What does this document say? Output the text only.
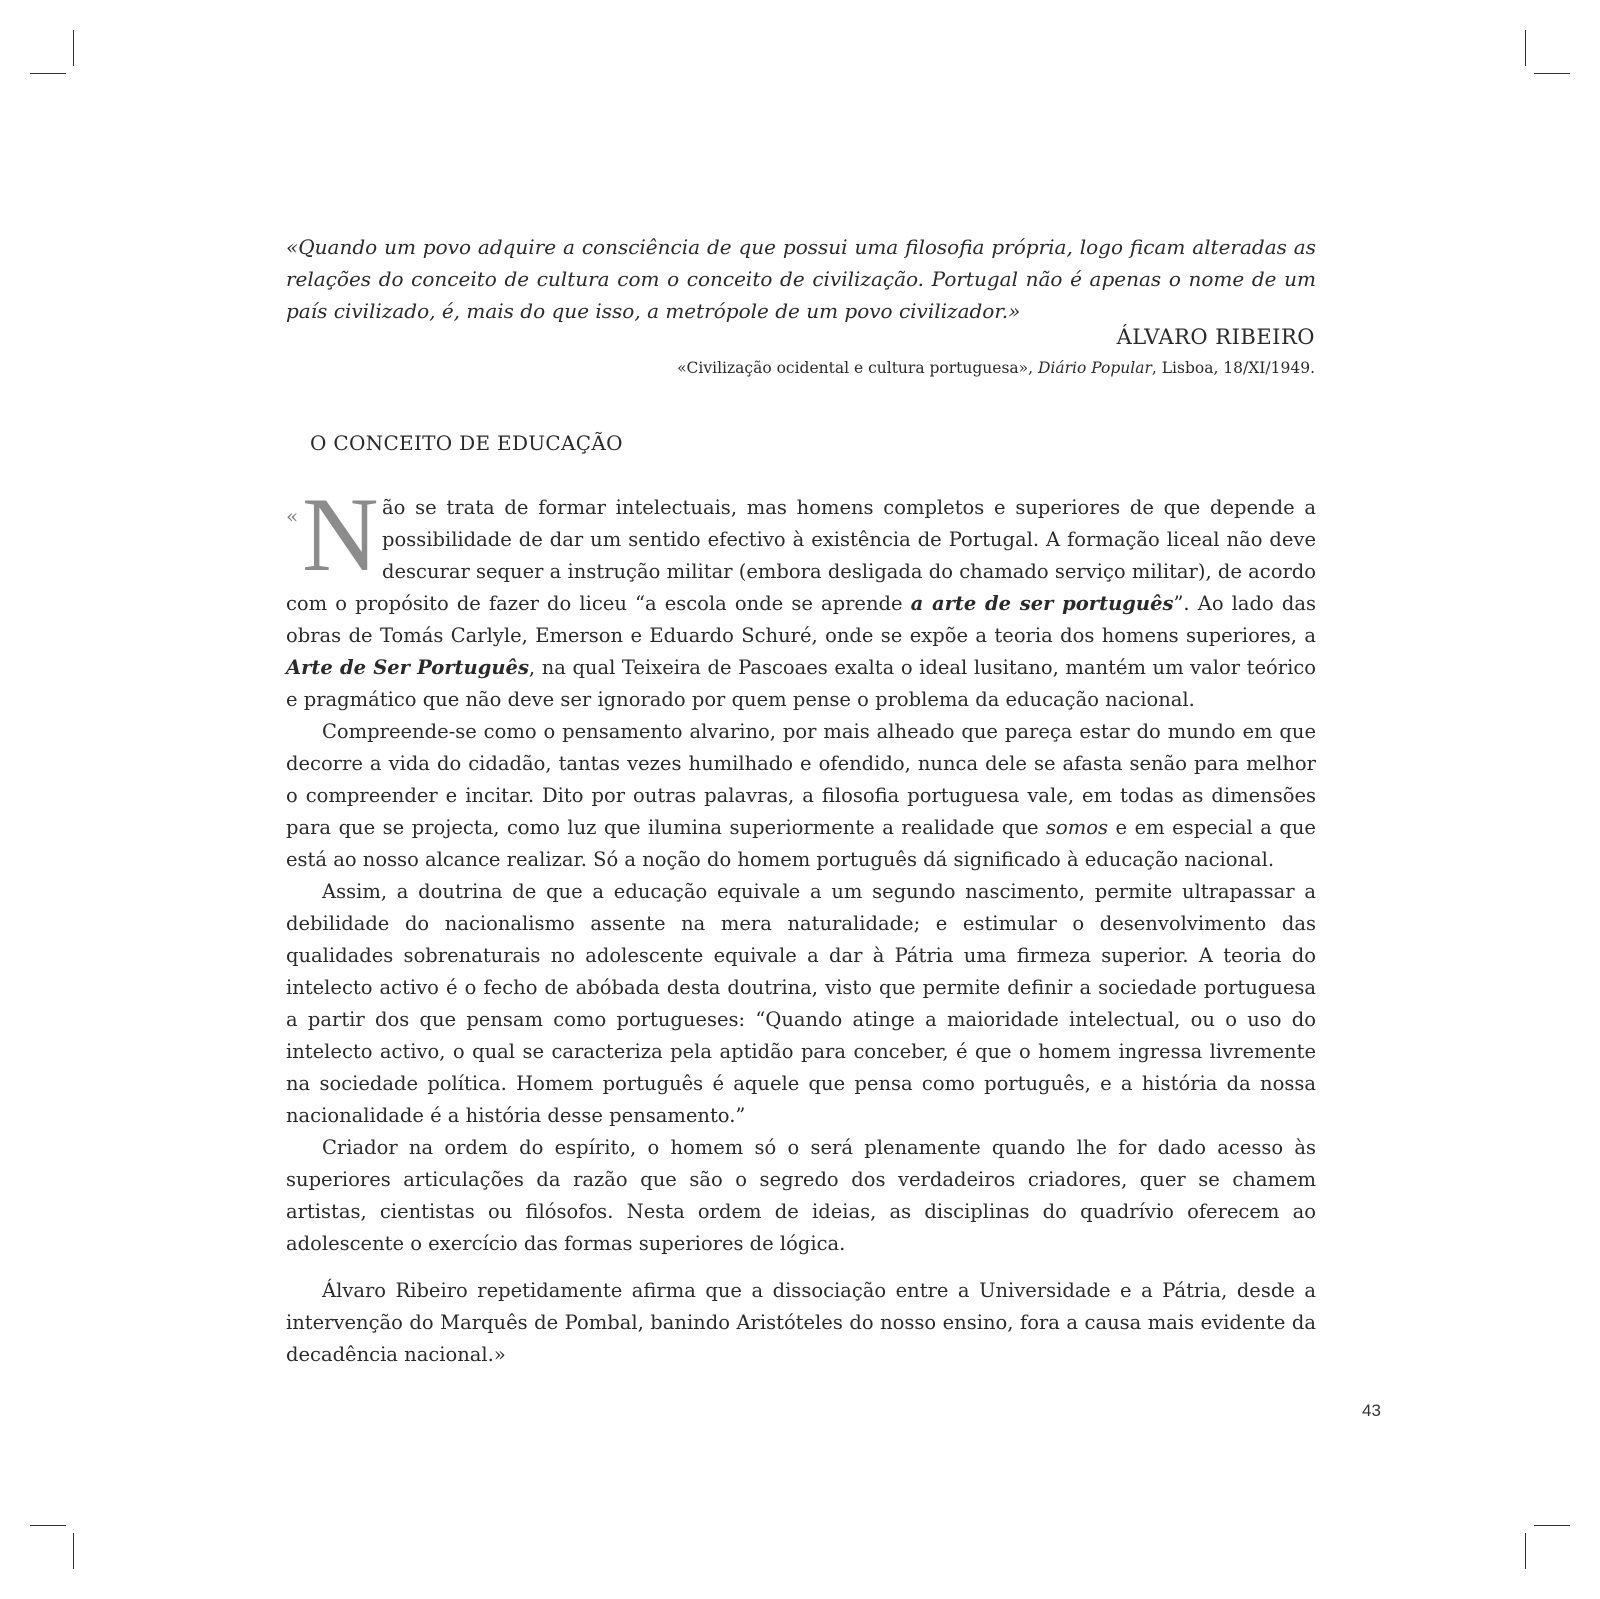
«Quando um povo adquire a consciência de que possui uma filosofia própria, logo ficam alteradas as relações do conceito de cultura com o conceito de civilização. Portugal não é apenas o nome de um país civilizado, é, mais do que isso, a metrópole de um povo civilizador.»
ÁLVARO RIBEIRO
«Civilização ocidental e cultura portuguesa», Diário Popular, Lisboa, 18/XI/1949.
O CONCEITO DE EDUCAÇÃO

« N ão se trata de formar intelectuais, mas homens completos e superiores de que depende a possibilidade de dar um sentido efectivo à existência de Portugal. A formação liceal não deve descurar sequer a instrução militar (embora desligada do chamado serviço militar), de acordo com o propósito de fazer do liceu “a escola onde se aprende a arte de ser português”. Ao lado das obras de Tomás Carlyle, Emerson e Eduardo Schuré, onde se expõe a teoria dos homens superiores, a Arte de Ser Português, na qual Teixeira de Pascoaes exalta o ideal lusitano, mantém um valor teórico e pragmático que não deve ser ignorado por quem pense o problema da educação nacional.

Compreende-se como o pensamento alvarino, por mais alheado que pareça estar do mundo em que decorre a vida do cidadão, tantas vezes humilhado e ofendido, nunca dele se afasta senão para melhor o compreender e incitar. Dito por outras palavras, a filosofia portuguesa vale, em todas as dimensões para que se projecta, como luz que ilumina superiormente a realidade que somos e em especial a que está ao nosso alcance realizar. Só a noção do homem português dá significado à educação nacional.

Assim, a doutrina de que a educação equivale a um segundo nascimento, permite ultrapassar a debilidade do nacionalismo assente na mera naturalidade; e estimular o desenvolvimento das qualidades sobrenaturais no adolescente equivale a dar à Pátria uma firmeza superior. A teoria do intelecto activo é o fecho de abóbada desta doutrina, visto que permite definir a sociedade portuguesa a partir dos que pensam como portugueses: “Quando atinge a maioridade intelectual, ou o uso do intelecto activo, o qual se caracteriza pela aptidão para conceber, é que o homem ingressa livremente na sociedade política. Homem português é aquele que pensa como português, e a história da nossa nacionalidade é a história desse pensamento.”

Criador na ordem do espírito, o homem só o será plenamente quando lhe for dado acesso às superiores articulações da razão que são o segredo dos verdadeiros criadores, quer se chamem artistas, cientistas ou filósofos. Nesta ordem de ideias, as disciplinas do quadrívio oferecem ao adolescente o exercício das formas superiores de lógica.

Álvaro Ribeiro repetidamente afirma que a dissociação entre a Universidade e a Pátria, desde a intervenção do Marquês de Pombal, banindo Aristóteles do nosso ensino, fora a causa mais evidente da decadência nacional.»

43
